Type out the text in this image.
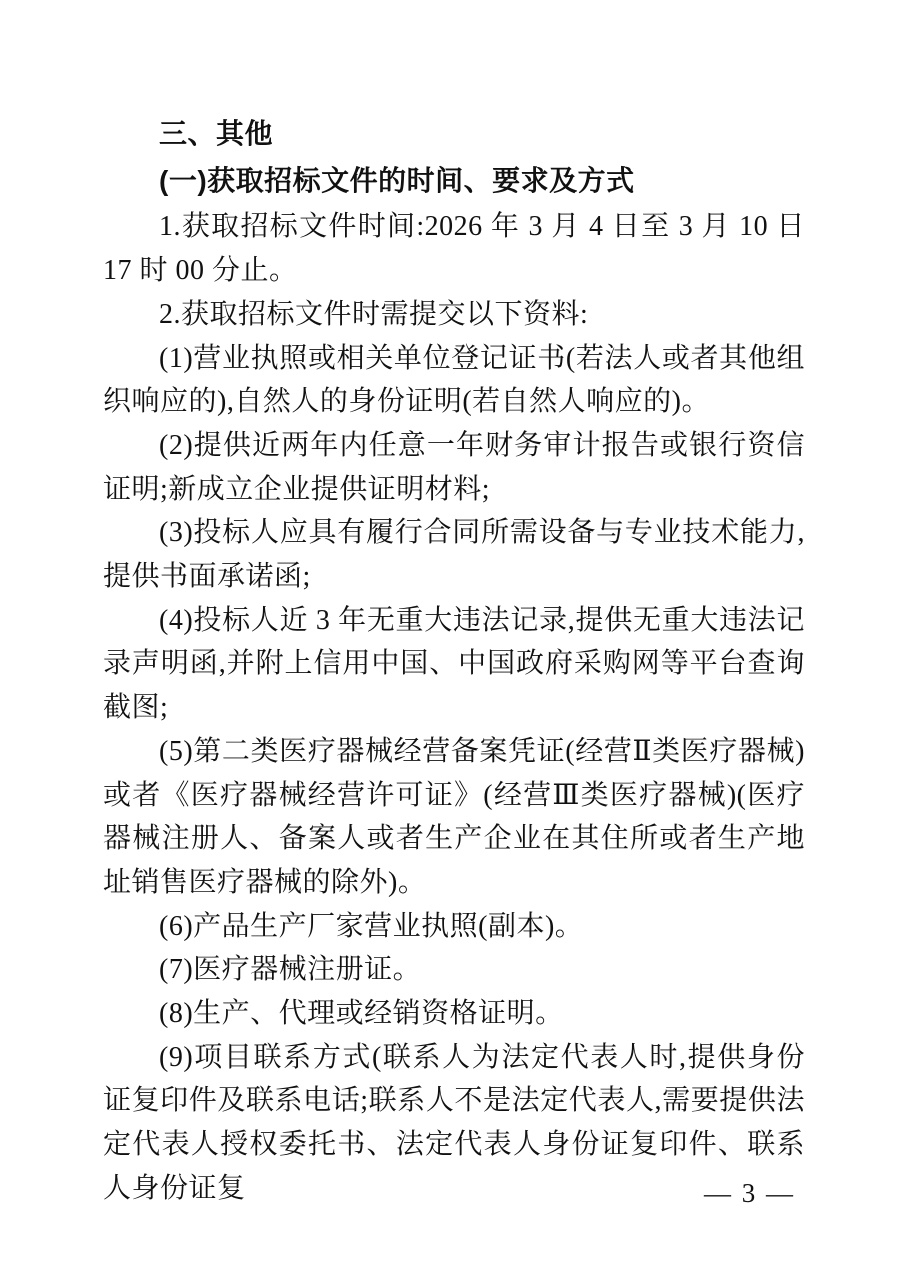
三、其他

(一)获取招标文件的时间、要求及方式

1.获取招标文件时间:2026 年 3 月 4 日至 3 月 10 日 17 时 00 分止。

2.获取招标文件时需提交以下资料:

(1)营业执照或相关单位登记证书(若法人或者其他组织响应的),自然人的身份证明(若自然人响应的)。

(2)提供近两年内任意一年财务审计报告或银行资信证明;新成立企业提供证明材料;

(3)投标人应具有履行合同所需设备与专业技术能力,提供书面承诺函;

(4)投标人近 3 年无重大违法记录,提供无重大违法记录声明函,并附上信用中国、中国政府采购网等平台查询截图;

(5)第二类医疗器械经营备案凭证(经营Ⅱ类医疗器械)或者《医疗器械经营许可证》(经营Ⅲ类医疗器械)(医疗器械注册人、备案人或者生产企业在其住所或者生产地址销售医疗器械的除外)。

(6)产品生产厂家营业执照(副本)。

(7)医疗器械注册证。

(8)生产、代理或经销资格证明。

(9)项目联系方式(联系人为法定代表人时,提供身份证复印件及联系电话;联系人不是法定代表人,需要提供法定代表人授权委托书、法定代表人身份证复印件、联系人身份证复	— 3 —
